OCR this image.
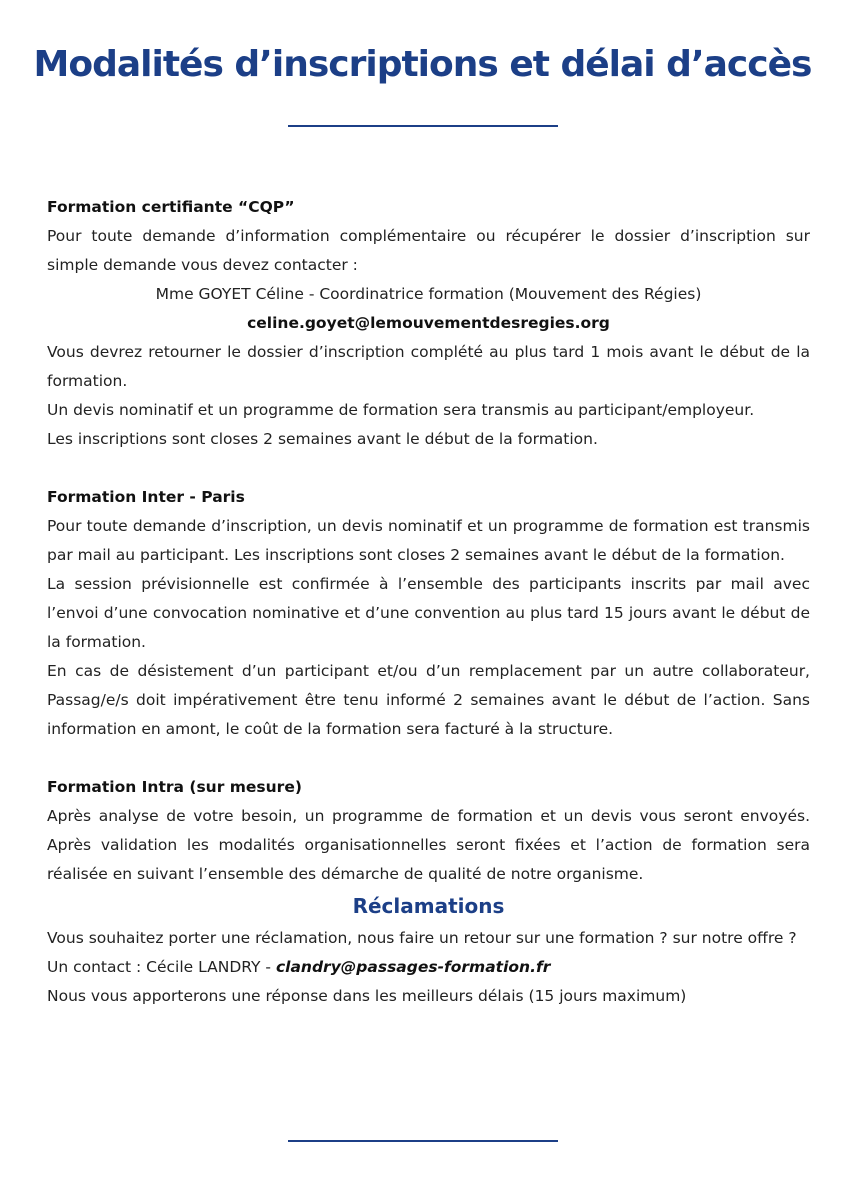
Modalités d’inscriptions et délai d’accès

Formation certifiante “CQP”

Pour toute demande d’information complémentaire ou récupérer le dossier d’inscription sur simple demande vous devez contacter :

Mme GOYET Céline - Coordinatrice formation (Mouvement des Régies)

celine.goyet@lemouvementdesregies.org

Vous devrez retourner le dossier d’inscription complété au plus tard 1 mois avant le début de la formation.

Un devis nominatif et un programme de formation sera transmis au participant/employeur.

Les inscriptions sont closes 2 semaines avant le début de la formation.

Formation Inter - Paris

Pour toute demande d’inscription, un devis nominatif et un programme de formation est transmis par mail au participant. Les inscriptions sont closes 2 semaines avant le début de la formation.

La session prévisionnelle est confirmée à l’ensemble des participants inscrits par mail avec l’envoi d’une convocation nominative et d’une convention au plus tard 15 jours avant le début de la formation.

En cas de désistement d’un participant et/ou d’un remplacement par un autre collaborateur, Passag/e/s doit impérativement être tenu informé 2 semaines avant le début de l’action. Sans information en amont, le coût de la formation sera facturé à la structure.

Formation Intra (sur mesure)

Après analyse de votre besoin, un programme de formation et un devis vous seront envoyés. Après validation les modalités organisationnelles seront fixées et l’action de formation sera réalisée en suivant l’ensemble des démarche de qualité de notre organisme.

Réclamations

Vous souhaitez porter une réclamation, nous faire un retour sur une formation ? sur notre offre ?

Un contact : Cécile LANDRY - clandry@passages-formation.fr

Nous vous apporterons une réponse dans les meilleurs délais (15 jours maximum)
